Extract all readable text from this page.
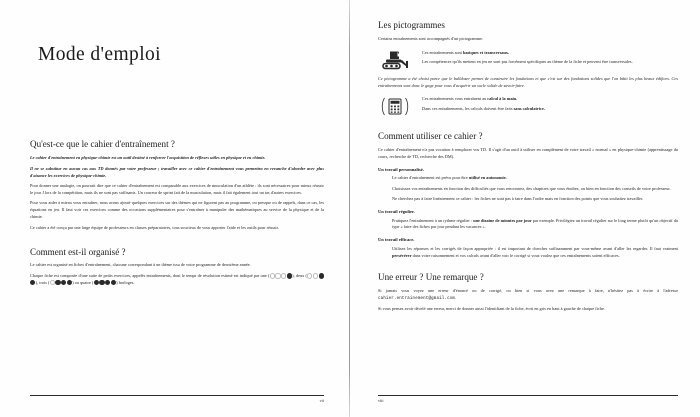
Mode d'emploi
Qu'est-ce que le cahier d'entraînement ?

Le cahier d'entraînement en physique-chimie est un outil destiné à renforcer l'acquisition de réflexes utiles en physique et en chimie.

Il ne se substitue en aucun cas aux TD donnés par votre professeur ; travailler avec ce cahier d'entraînement vous permettra en revanche d'aborder avec plus d'aisance les exercices de physique-chimie.

Pour donner une analogie, on pourrait dire que ce cahier d'entraînement est comparable aux exercices de musculation d'un athlète : ils sont nécessaires pour mieux réussir le jour J lors de la compétition, mais ils ne sont pas suffisants. Un coureur de sprint fait de la musculation, mais il fait également tout un tas d'autres exercices.

Pour vous aider à mieux vous entraîner, nous avons ajouté quelques exercices sur des thèmes qui ne figurent pas au programme, ou presque ou de rappels, dans ce cas, les équations en jeu. Il faut voir ces exercices comme des occasions supplémentaires pour s'entraîner à manipuler des mathématiques au service de la physique et de la chimie.

Ce cahier a été conçu par une large équipe de professeurs en classes préparatoires, tous soucieux de vous apporter l'aide et les outils pour réussir.

Comment est-il organisé ?

Le cahier est organisé en fiches d'entraînement, chacune correspondant à un thème issu de votre programme de deuxième année.

Chaque fiche est composée d'une suite de petits exercices, appelés entraînements, dont le temps de résolution estimé est indiqué par une (	), deux (), trois (	) ou quatre (	) horloges.

vii
Les pictogrammes

Certains entraînements sont accompagnés d'un pictogramme.

Ces entraînements sont basiques et transversaux.

Les compétences qu'ils mettent en jeu ne sont pas forcément spécifiques au thème de la fiche et peuvent être transversales.

Ce pictogramme a été choisi parce que le bulldozer permet de construire les fondations et que c'est sur des fondations solides que l'on bâtit les plus beaux édifices. Ces entraînements sont donc le gage pour vous d'acquérir un socle solide de savoir-faire.

Ces entraînements vous entraînent au calcul à la main.

Dans ces entraînements, les calculs doivent être faits sans calculatrice.

Comment utiliser ce cahier ?

Ce cahier d'entraînement n'a pas vocation à remplacer vos TD. Il s'agit d'un outil à utiliser en complément de votre travail « normal » en physique-chimie (apprentissage du cours, recherche de TD, recherche des DM).

Un travail personnalisé.

Le cahier d'entraînement est prévu pour être utilisé en autonomie.

Choisissez vos entraînements en fonction des difficultés que vous rencontrez, des chapitres que vous étudiez, ou bien en fonction des conseils de votre professeur.

Ne cherchez pas à faire linéairement ce cahier : les fiches ne sont pas à faire dans l'ordre mais en fonction des points que vous souhaitez travailler.

Un travail régulier.

Pratiquez l'entraînement à un rythme régulier : une dizaine de minutes par jour par exemple. Privilégiez un travail régulier sur le long terme plutôt qu'un objectif du type « faire des fiches par jour pendant les vacances ».

Un travail efficace.

Utilisez les réponses et les corrigés de façon appropriée : il est important de chercher suffisamment par vous-même avant d'aller les regarder. Il faut vraiment persévérer dans votre raisonnement et vos calculs avant d'aller voir le corrigé si vous voulez que ces entraînements soient efficaces.

Une erreur ? Une remarque ?

Si jamais vous voyez une erreur d'énoncé ou de corrigé, ou bien si vous avez une remarque à faire, n'hésitez pas à écrire à l'adresse cahier.entrainement@gmail.com.

Si vous pensez avoir décelé une erreur, merci de donner aussi l'identifiant de la fiche, écrit en gris en haut à gauche de chaque fiche.

viii
